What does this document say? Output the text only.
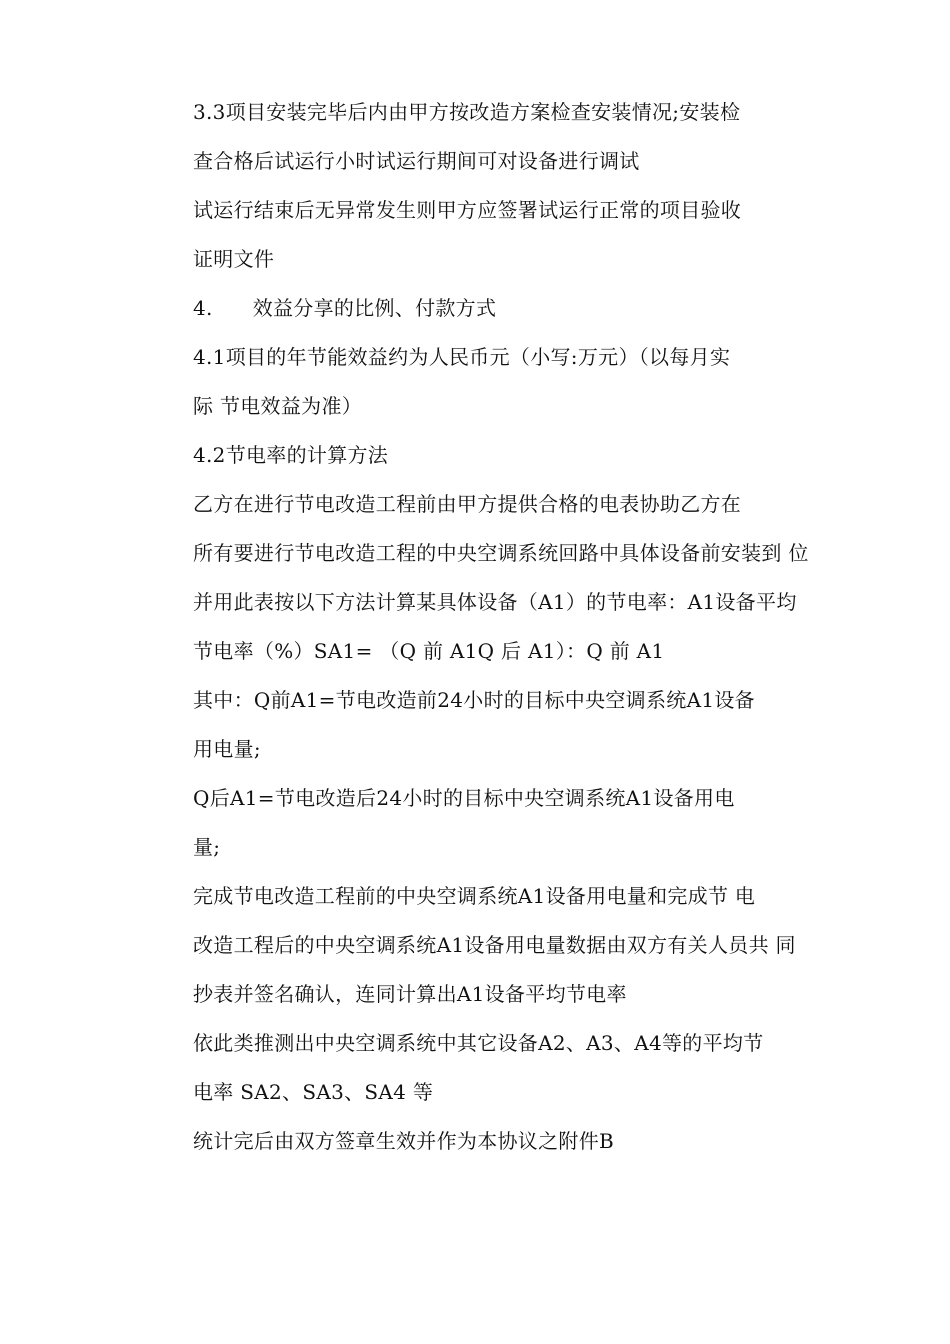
3.3项目安装完毕后内由甲方按改造方案检查安装情况;安装检
查合格后试运行小时试运行期间可对设备进行调试

试运行结束后无异常发生则甲方应签署试运行正常的项目验收
证明文件

4. 效益分享的比例、付款方式

4.1项目的年节能效益约为人民币元（小写:万元）（以每月实
际 节电效益为准）

4.2节电率的计算方法

乙方在进行节电改造工程前由甲方提供合格的电表协助乙方在
所有要进行节电改造工程的中央空调系统回路中具体设备前安装到 位
并用此表按以下方法计算某具体设备（A1）的节电率：A1设备平均
节电率（%）SA1= （Q 前 A1Q 后 A1）：Q 前 A1

其中：Q前A1=节电改造前24小时的目标中央空调系统A1设备
用电量;

Q后A1=节电改造后24小时的目标中央空调系统A1设备用电
量;

完成节电改造工程前的中央空调系统A1设备用电量和完成节 电
改造工程后的中央空调系统A1设备用电量数据由双方有关人员共 同
抄表并签名确认，连同计算出A1设备平均节电率

依此类推测出中央空调系统中其它设备A2、A3、A4等的平均节
电率 SA2、SA3、SA4 等

统计完后由双方签章生效并作为本协议之附件B
